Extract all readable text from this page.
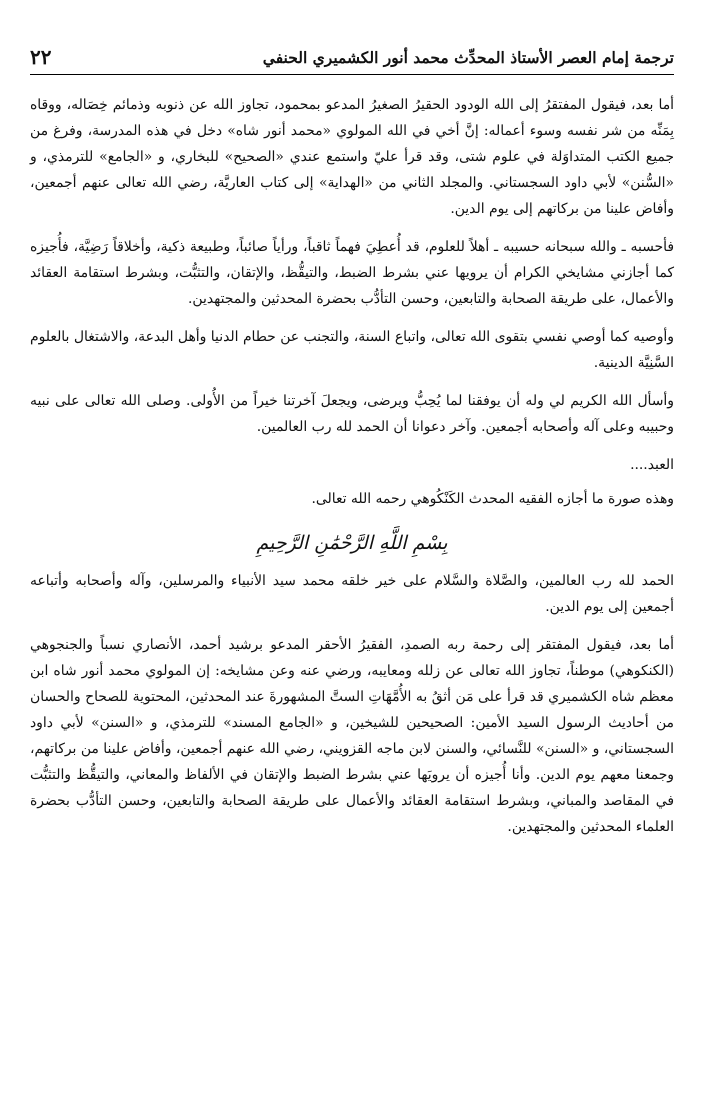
ترجمة إمام العصر الأستاذ المحدِّث محمد أنور الكشميري الحنفي
٢٢

أما بعد، فيقول المفتقرُ إلى الله الودود الحقيرُ الصغيرُ المدعو بمحمود، تجاوز الله عن ذنوبه وذمائم خِصَاله، ووقاه بِمَنِّه من شر نفسه وسوء أعماله: إنَّ أخي في الله المولوي «محمد أنور شاه» دخل في هذه المدرسة، وفرغ من جميع الكتب المتداوَلة في علوم شتى، وقد قرأ عليّ واستمع عندي «الصحيح» للبخاري، و «الجامع» للترمذي، و «السُّنن» لأبي داود السجستاني. والمجلد الثاني من «الهداية» إلى كتاب العاريَّة، رضي الله تعالى عنهم أجمعين، وأفاض علينا من بركاتهم إلى يوم الدين.

فأحسبه ـ والله سبحانه حسيبه ـ أهلاً للعلوم، قد أُعطِيَ فهماً ثاقباً، ورأياً صائباً، وطبيعة ذكية، وأخلاقاً رَضِيَّة، فأُجيزه كما أجازني مشايخي الكرام أن يرويها عني بشرط الضبط، والتيقُّظ، والإتقان، والتثبُّت، وبشرط استقامة العقائد والأعمال، على طريقة الصحابة والتابعين، وحسن التأدُّب بحضرة المحدثين والمجتهدين.

وأوصيه كما أوصي نفسي بتقوى الله تعالى، واتباع السنة، والتجنب عن حطام الدنيا وأهل البدعة، والاشتغال بالعلوم السَّنِيَّة الدينية.

وأسأل الله الكريم لي وله أن يوفقنا لما يُحِبُّ ويرضى، ويجعلَ آخرتنا خيراً من الأُولى. وصلى الله تعالى على نبيه وحبيبه وعلى آله وأصحابه أجمعين. وآخر دعوانا أن الحمد لله رب العالمين.

العبد....

وهذه صورة ما أجازه الفقيه المحدث الكَنْكُوهي رحمه الله تعالى.

بِسْمِ اللَّهِ الرَّحْمَٰنِ الرَّحِيمِ

الحمد لله رب العالمين، والصَّلاة والسَّلام على خير خلقه محمد سيد الأنبياء والمرسلين، وآله وأصحابه وأتباعه أجمعين إلى يوم الدين.

أما بعد، فيقول المفتقر إلى رحمة ربه الصمدِ، الفقيرُ الأحقر المدعو برشيد أحمد، الأنصاري نسباً والجنجوهي (الكنكوهي) موطناً، تجاوز الله تعالى عن زلله ومعايبه، ورضي عنه وعن مشايخه: إن المولوي محمد أنور شاه ابن معظم شاه الكشميري قد قرأ على مَن أثقُ به الأُمَّهَاتِ الستَّ المشهورةَ عند المحدثين، المحتوية للصحاح والحسان من أحاديث الرسول السيد الأمين: الصحيحين للشيخين، و «الجامع المسند» للترمذي، و «السنن» لأبي داود السجستاني، و «السنن» للنَّسائي، والسنن لابن ماجه القزويني، رضي الله عنهم أجمعين، وأفاض علينا من بركاتهم، وجمعنا معهم يوم الدين. وأنا أُجيزه أن يرويَها عني بشرط الضبط والإتقان في الألفاظ والمعاني، والتيقُّظ والتثبُّت في المقاصد والمباني، وبشرط استقامة العقائد والأعمال على طريقة الصحابة والتابعين، وحسن التأدُّب بحضرة العلماء المحدثين والمجتهدين.
